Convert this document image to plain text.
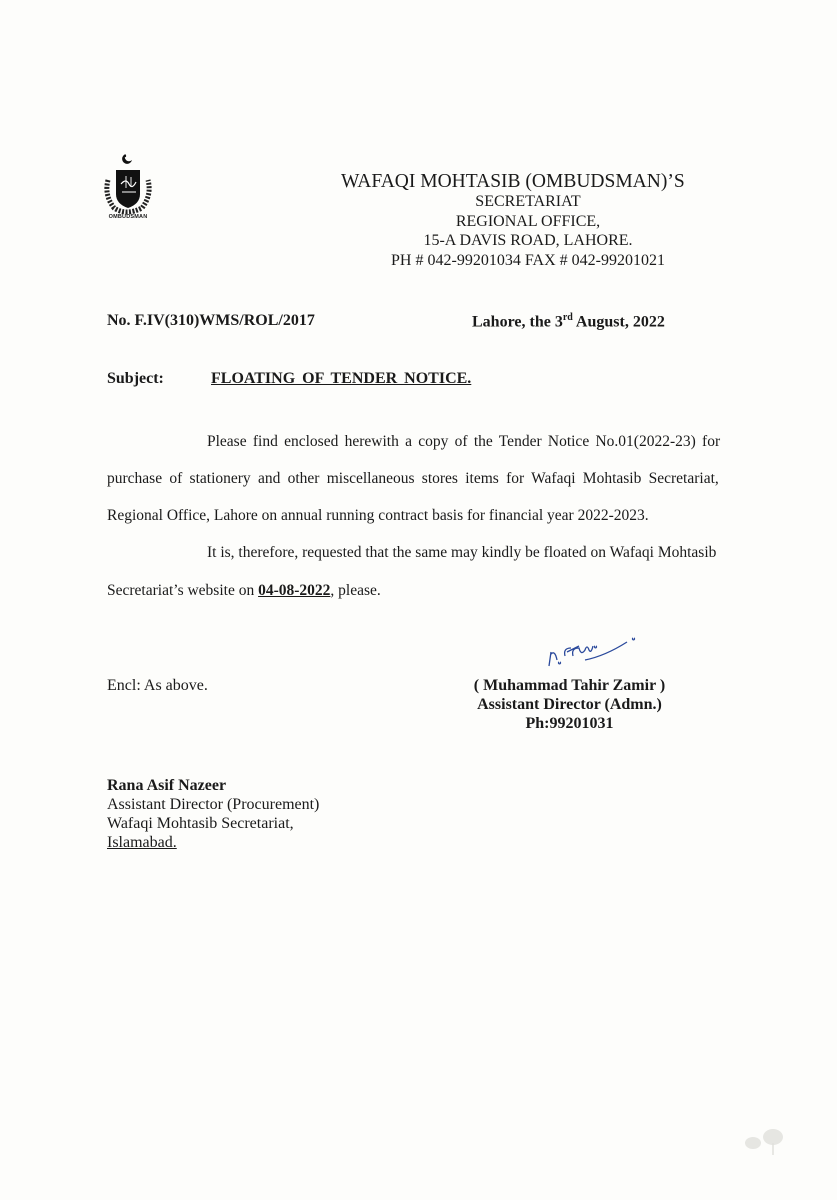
OMBUDSMAN
WAFAQI MOHTASIB (OMBUDSMAN)’S
SECRETARIAT
REGIONAL OFFICE,
15-A DAVIS ROAD, LAHORE.
PH # 042-99201034 FAX # 042-99201021
No. F.IV(310)WMS/ROL/2017	Lahore, the 3rd August, 2022
Subject:	FLOATING OF TENDER NOTICE.
Please find enclosed herewith a copy of the Tender Notice No.01(2022-23) for
purchase of stationery and other miscellaneous stores items for Wafaqi Mohtasib Secretariat,
Regional Office, Lahore on annual running contract basis for financial year 2022-2023.
It is, therefore, requested that the same may kindly be floated on Wafaqi Mohtasib
Secretariat’s website on 04-08-2022, please.
Encl: As above.	( Muhammad Tahir Zamir )
Assistant Director (Admn.)
Ph:99201031
Rana Asif Nazeer
Assistant Director (Procurement)
Wafaqi Mohtasib Secretariat,
Islamabad.
